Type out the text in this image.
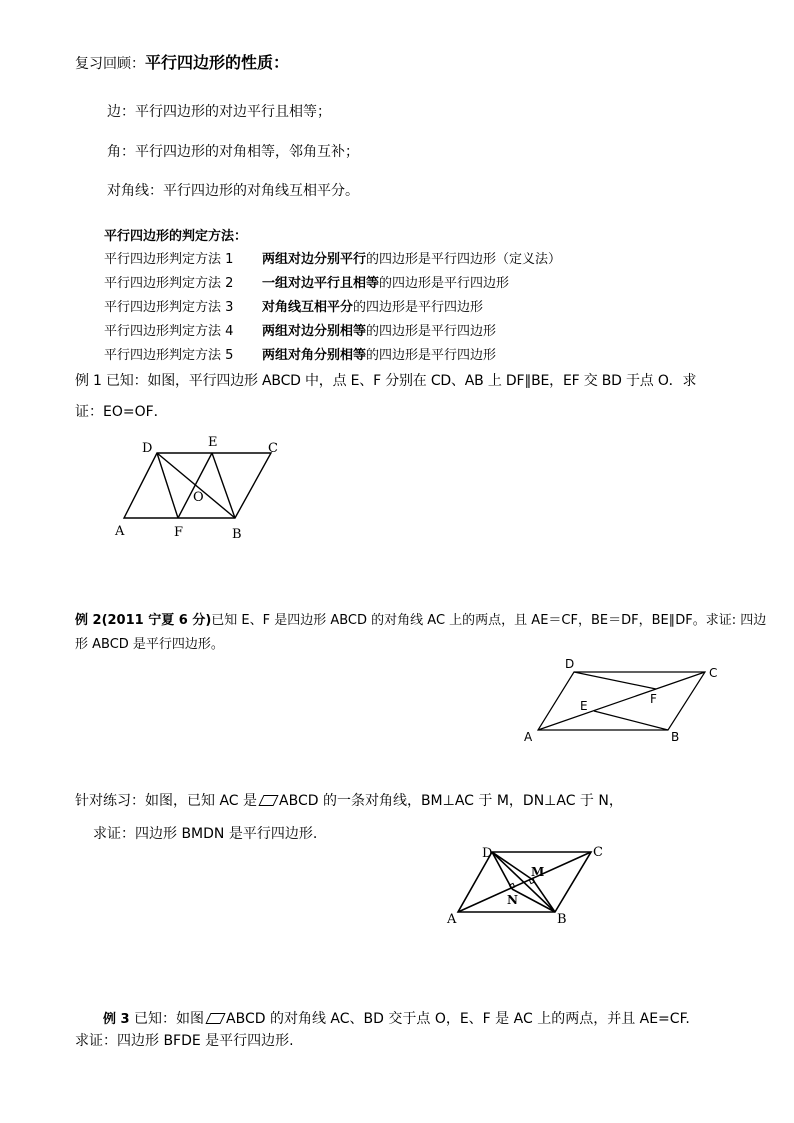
复习回顾：平行四边形的性质：
边：平行四边形的对边平行且相等；
角：平行四边形的对角相等，邻角互补；
对角线：平行四边形的对角线互相平分。
平行四边形的判定方法：
平行四边形判定方法 1 两组对边分别平行的四边形是平行四边形（定义法）
平行四边形判定方法 2 一组对边平行且相等的四边形是平行四边形
平行四边形判定方法 3 对角线互相平分的四边形是平行四边形
平行四边形判定方法 4 两组对边分别相等的四边形是平行四边形
平行四边形判定方法 5 两组对角分别相等的四边形是平行四边形
例 1 已知：如图，平行四边形 ABCD 中，点 E、F 分别在 CD、AB 上 DF∥BE，EF 交 BD 于点 O．求
证：EO=OF．
D	E	C
O
A	F	B
例 2(2011 宁夏 6 分)已知 E、F 是四边形 ABCD 的对角线 AC 上的两点，且 AE＝CF，BE＝DF，BE∥DF。求证: 四边
形 ABCD 是平行四边形。
D
C
F
E
A	B
针对练习：如图，已知 AC 是 ABCD 的一条对角线，BM⊥AC 于 M，DN⊥AC 于 N，
求证：四边形 BMDN 是平行四边形.
D	C
M
N
A	B
例 3 已知：如图 ABCD 的对角线 AC、BD 交于点 O，E、F 是 AC 上的两点，并且 AE=CF.
求证：四边形 BFDE 是平行四边形.
